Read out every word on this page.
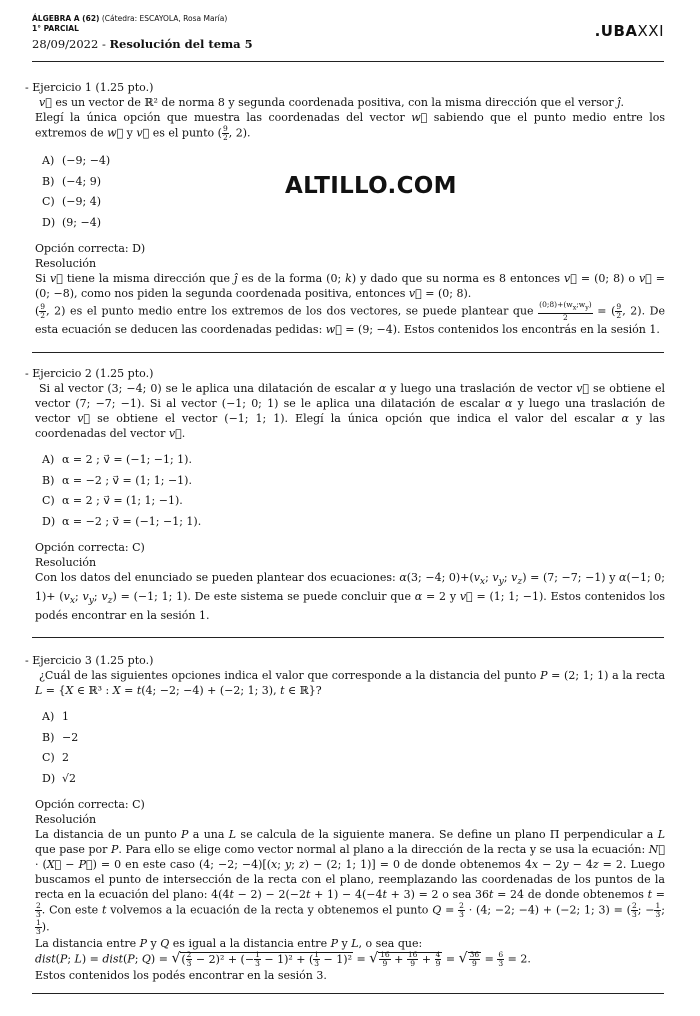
ÁLGEBRA A (62) (Cátedra: ESCAYOLA, Rosa María)
1° PARCIAL
28/09/2022 - Resolución del tema 5
.UBAXXI
ALTILLO.COM

- Ejercicio 1 (1.25 pto.)

v⃗ es un vector de ℝ² de norma 8 y segunda coordenada positiva, con la misma dirección que el versor ĵ.
Elegí la única opción que muestra las coordenadas del vector w⃗ sabiendo que el punto medio entre los extremos de w⃗ y v⃗ es el punto ( $\frac{9}{2}$ , 2).

A) (−9; −4)
B) (−4; 9)
C) (−9; 4)
D) (9; −4)

Opción correcta: D)

Resolución

Si v⃗ tiene la misma dirección que ĵ es de la forma (0; k) y dado que su norma es 8 entonces v⃗ = (0; 8) o v⃗ = (0; −8), como nos piden la segunda coordenada positiva, entonces v⃗ = (0; 8).
( $\frac{9}{2}$ , 2) es el punto medio entre los extremos de los dos vectores, se puede plantear que $\frac{(0;8)+(w_x;w_y)}{2}$ = ( $\frac{9}{2}$ , 2). De esta ecuación se deducen las coordenadas pedidas: w⃗ = (9; −4). Estos contenidos los encontrás en la sesión 1.

- Ejercicio 2 (1.25 pto.)

Si al vector (3; −4; 0) se le aplica una dilatación de escalar α y luego una traslación de vector v⃗ se obtiene el vector (7; −7; −1). Si al vector (−1; 0; 1) se le aplica una dilatación de escalar α y luego una traslación de vector v⃗ se obtiene el vector (−1; 1; 1). Elegí la única opción que indica el valor del escalar α y las coordenadas del vector v⃗.

A) α = 2 ; v⃗ = (−1; −1; 1).
B) α = −2 ; v⃗ = (1; 1; −1).
C) α = 2 ; v⃗ = (1; 1; −1).
D) α = −2 ; v⃗ = (−1; −1; 1).

Opción correcta: C)

Resolución

Con los datos del enunciado se pueden plantear dos ecuaciones: α(3; −4; $0)+(v_x$; $v_y$; $v_z) = (7$; −7; −1) y α(−1; 0; $1)+ (v_x$; $v_y$; $v_z) = (-1$; 1; 1). De este sistema se puede concluir que α = 2 y v⃗ = (1; 1; −1). Estos contenidos los podés encontrar en la sesión 1.

- Ejercicio 3 (1.25 pto.)

¿Cuál de las siguientes opciones indica el valor que corresponde a la distancia del punto P = (2; 1; 1) a la recta L = {X ∈ ℝ³ : X = t(4; −2; −4) + (−2; 1; 3), t ∈ ℝ}?

A) 1
B) −2
C) 2
D) √2

Opción correcta: C)

Resolución

La distancia de un punto P a una L se calcula de la siguiente manera. Se define un plano Π perpendicular a L que pase por P. Para ello se elige como vector normal al plano a la dirección de la recta y se usa la ecuación: N⃗ · (X⃗ − P⃗) = 0 en este caso (4; −2; −4)[(x; y; z) − (2; 1; 1)] = 0 de donde obtenemos 4x − 2y − 4z = 2. Luego buscamos el punto de intersección de la recta con el plano, reemplazando las coordenadas de los puntos de la recta en la ecuación del plano: 4(4t − 2) − 2(−2t + 1) − 4(−4t + 3) = 2 o sea 36t = 24 de donde obtenemos t =
$\frac{2}{3}$ . Con este t volvemos a la ecuación de la recta y obtenemos el punto $Q = \frac{2}{3} \cdot (4$; −2; −4) + (−2; 1; 3) = ( $\frac{2}{3}$ ; − $\frac{1}{3}$ ;
$\frac{1}{3}$ ).
La distancia entre P y Q es igual a la distancia entre P y L, o sea que:
dist(P; L) = dist(P; Q) = √( $\frac{2}{3} - 2)^2$ + (− $\frac{1}{3} - 1)^2$ + ( $\frac{1}{3} - 1)^2$ = √ $\frac{16}{9} + \frac{16}{9} + \frac{4}{9}$ = √ $\frac{36}{9} = \frac{6}{3} = 2$.
Estos contenidos los podés encontrar en la sesión 3.
